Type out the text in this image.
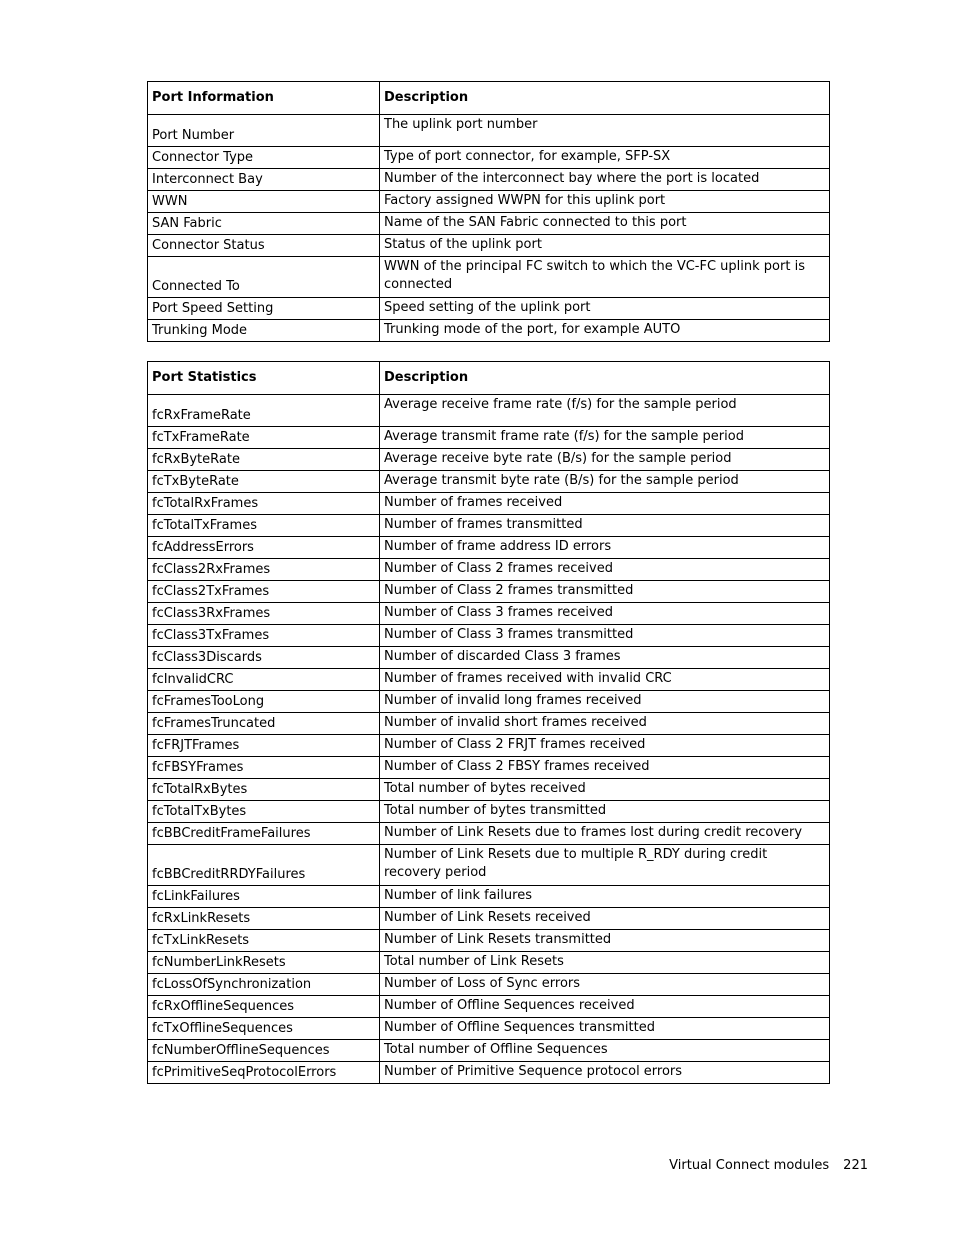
Port Information	Description
Port Number	The uplink port number
Connector Type	Type of port connector, for example, SFP-SX
Interconnect Bay	Number of the interconnect bay where the port is located
WWN	Factory assigned WWPN for this uplink port
SAN Fabric	Name of the SAN Fabric connected to this port
Connector Status	Status of the uplink port
Connected To	WWN of the principal FC switch to which the VC-FC uplink port is connected
Port Speed Setting	Speed setting of the uplink port
Trunking Mode	Trunking mode of the port, for example AUTO
Port Statistics	Description
fcRxFrameRate	Average receive frame rate (f/s) for the sample period
fcTxFrameRate	Average transmit frame rate (f/s) for the sample period
fcRxByteRate	Average receive byte rate (B/s) for the sample period
fcTxByteRate	Average transmit byte rate (B/s) for the sample period
fcTotalRxFrames	Number of frames received
fcTotalTxFrames	Number of frames transmitted
fcAddressErrors	Number of frame address ID errors
fcClass2RxFrames	Number of Class 2 frames received
fcClass2TxFrames	Number of Class 2 frames transmitted
fcClass3RxFrames	Number of Class 3 frames received
fcClass3TxFrames	Number of Class 3 frames transmitted
fcClass3Discards	Number of discarded Class 3 frames
fcInvalidCRC	Number of frames received with invalid CRC
fcFramesTooLong	Number of invalid long frames received
fcFramesTruncated	Number of invalid short frames received
fcFRJTFrames	Number of Class 2 FRJT frames received
fcFBSYFrames	Number of Class 2 FBSY frames received
fcTotalRxBytes	Total number of bytes received
fcTotalTxBytes	Total number of bytes transmitted
fcBBCreditFrameFailures	Number of Link Resets due to frames lost during credit recovery
fcBBCreditRRDYFailures	Number of Link Resets due to multiple R_RDY during credit recovery period
fcLinkFailures	Number of link failures
fcRxLinkResets	Number of Link Resets received
fcTxLinkResets	Number of Link Resets transmitted
fcNumberLinkResets	Total number of Link Resets
fcLossOfSynchronization	Number of Loss of Sync errors
fcRxOfflineSequences	Number of Offline Sequences received
fcTxOfflineSequences	Number of Offline Sequences transmitted
fcNumberOfflineSequences	Total number of Offline Sequences
fcPrimitiveSeqProtocolErrors	Number of Primitive Sequence protocol errors
Virtual Connect modules 221
